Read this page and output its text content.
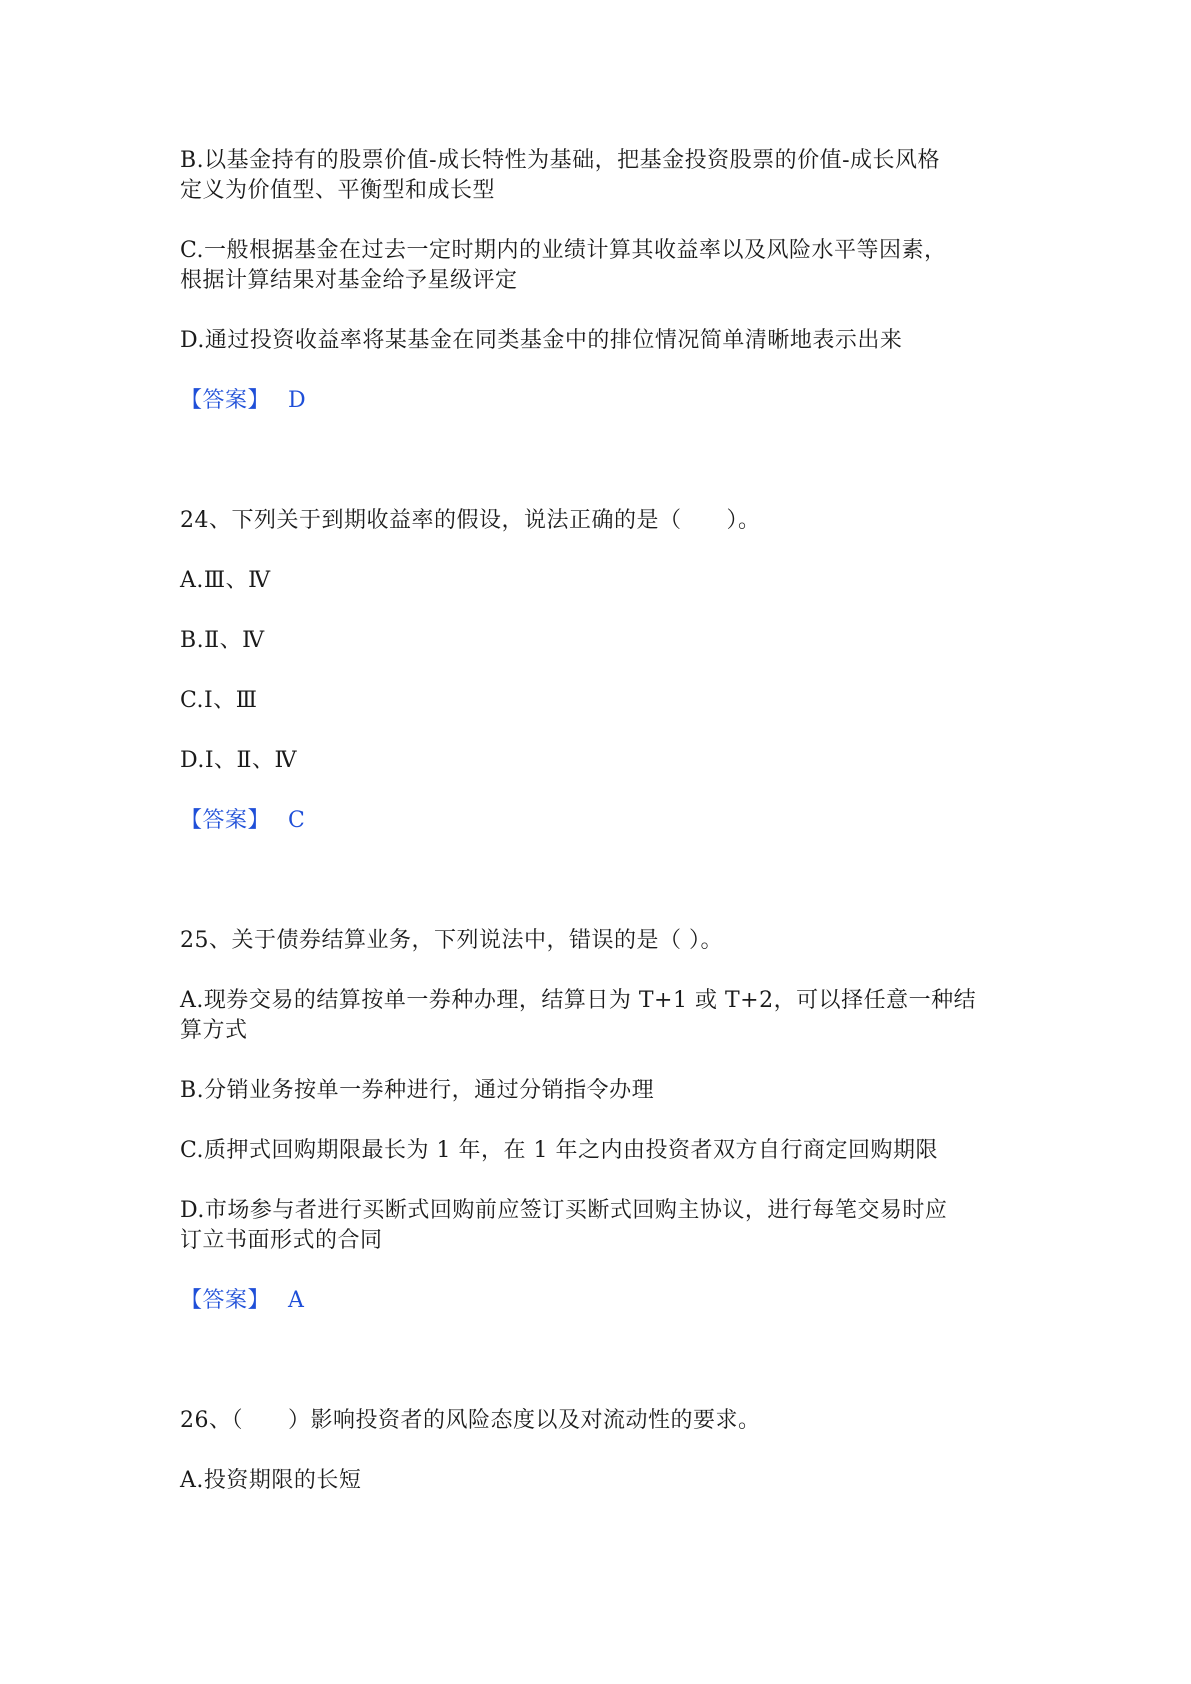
B.以基金持有的股票价值-成长特性为基础，把基金投资股票的价值-成长风格
定义为价值型、平衡型和成长型
C.一般根据基金在过去一定时期内的业绩计算其收益率以及风险水平等因素，
根据计算结果对基金给予星级评定
D.通过投资收益率将某基金在同类基金中的排位情况简单清晰地表示出来
【答案】 D
24、下列关于到期收益率的假设，说法正确的是（　　）。
A.Ⅲ、Ⅳ
B.Ⅱ、Ⅳ
C.Ⅰ、Ⅲ
D.Ⅰ、Ⅱ、Ⅳ
【答案】 C
25、关于债券结算业务，下列说法中，错误的是（ ）。
A.现券交易的结算按单一券种办理，结算日为 T+1 或 T+2，可以择任意一种结
算方式
B.分销业务按单一券种进行，通过分销指令办理
C.质押式回购期限最长为 1 年，在 1 年之内由投资者双方自行商定回购期限
D.市场参与者进行买断式回购前应签订买断式回购主协议，进行每笔交易时应
订立书面形式的合同
【答案】 A
26、（　　）影响投资者的风险态度以及对流动性的要求。
A.投资期限的长短
